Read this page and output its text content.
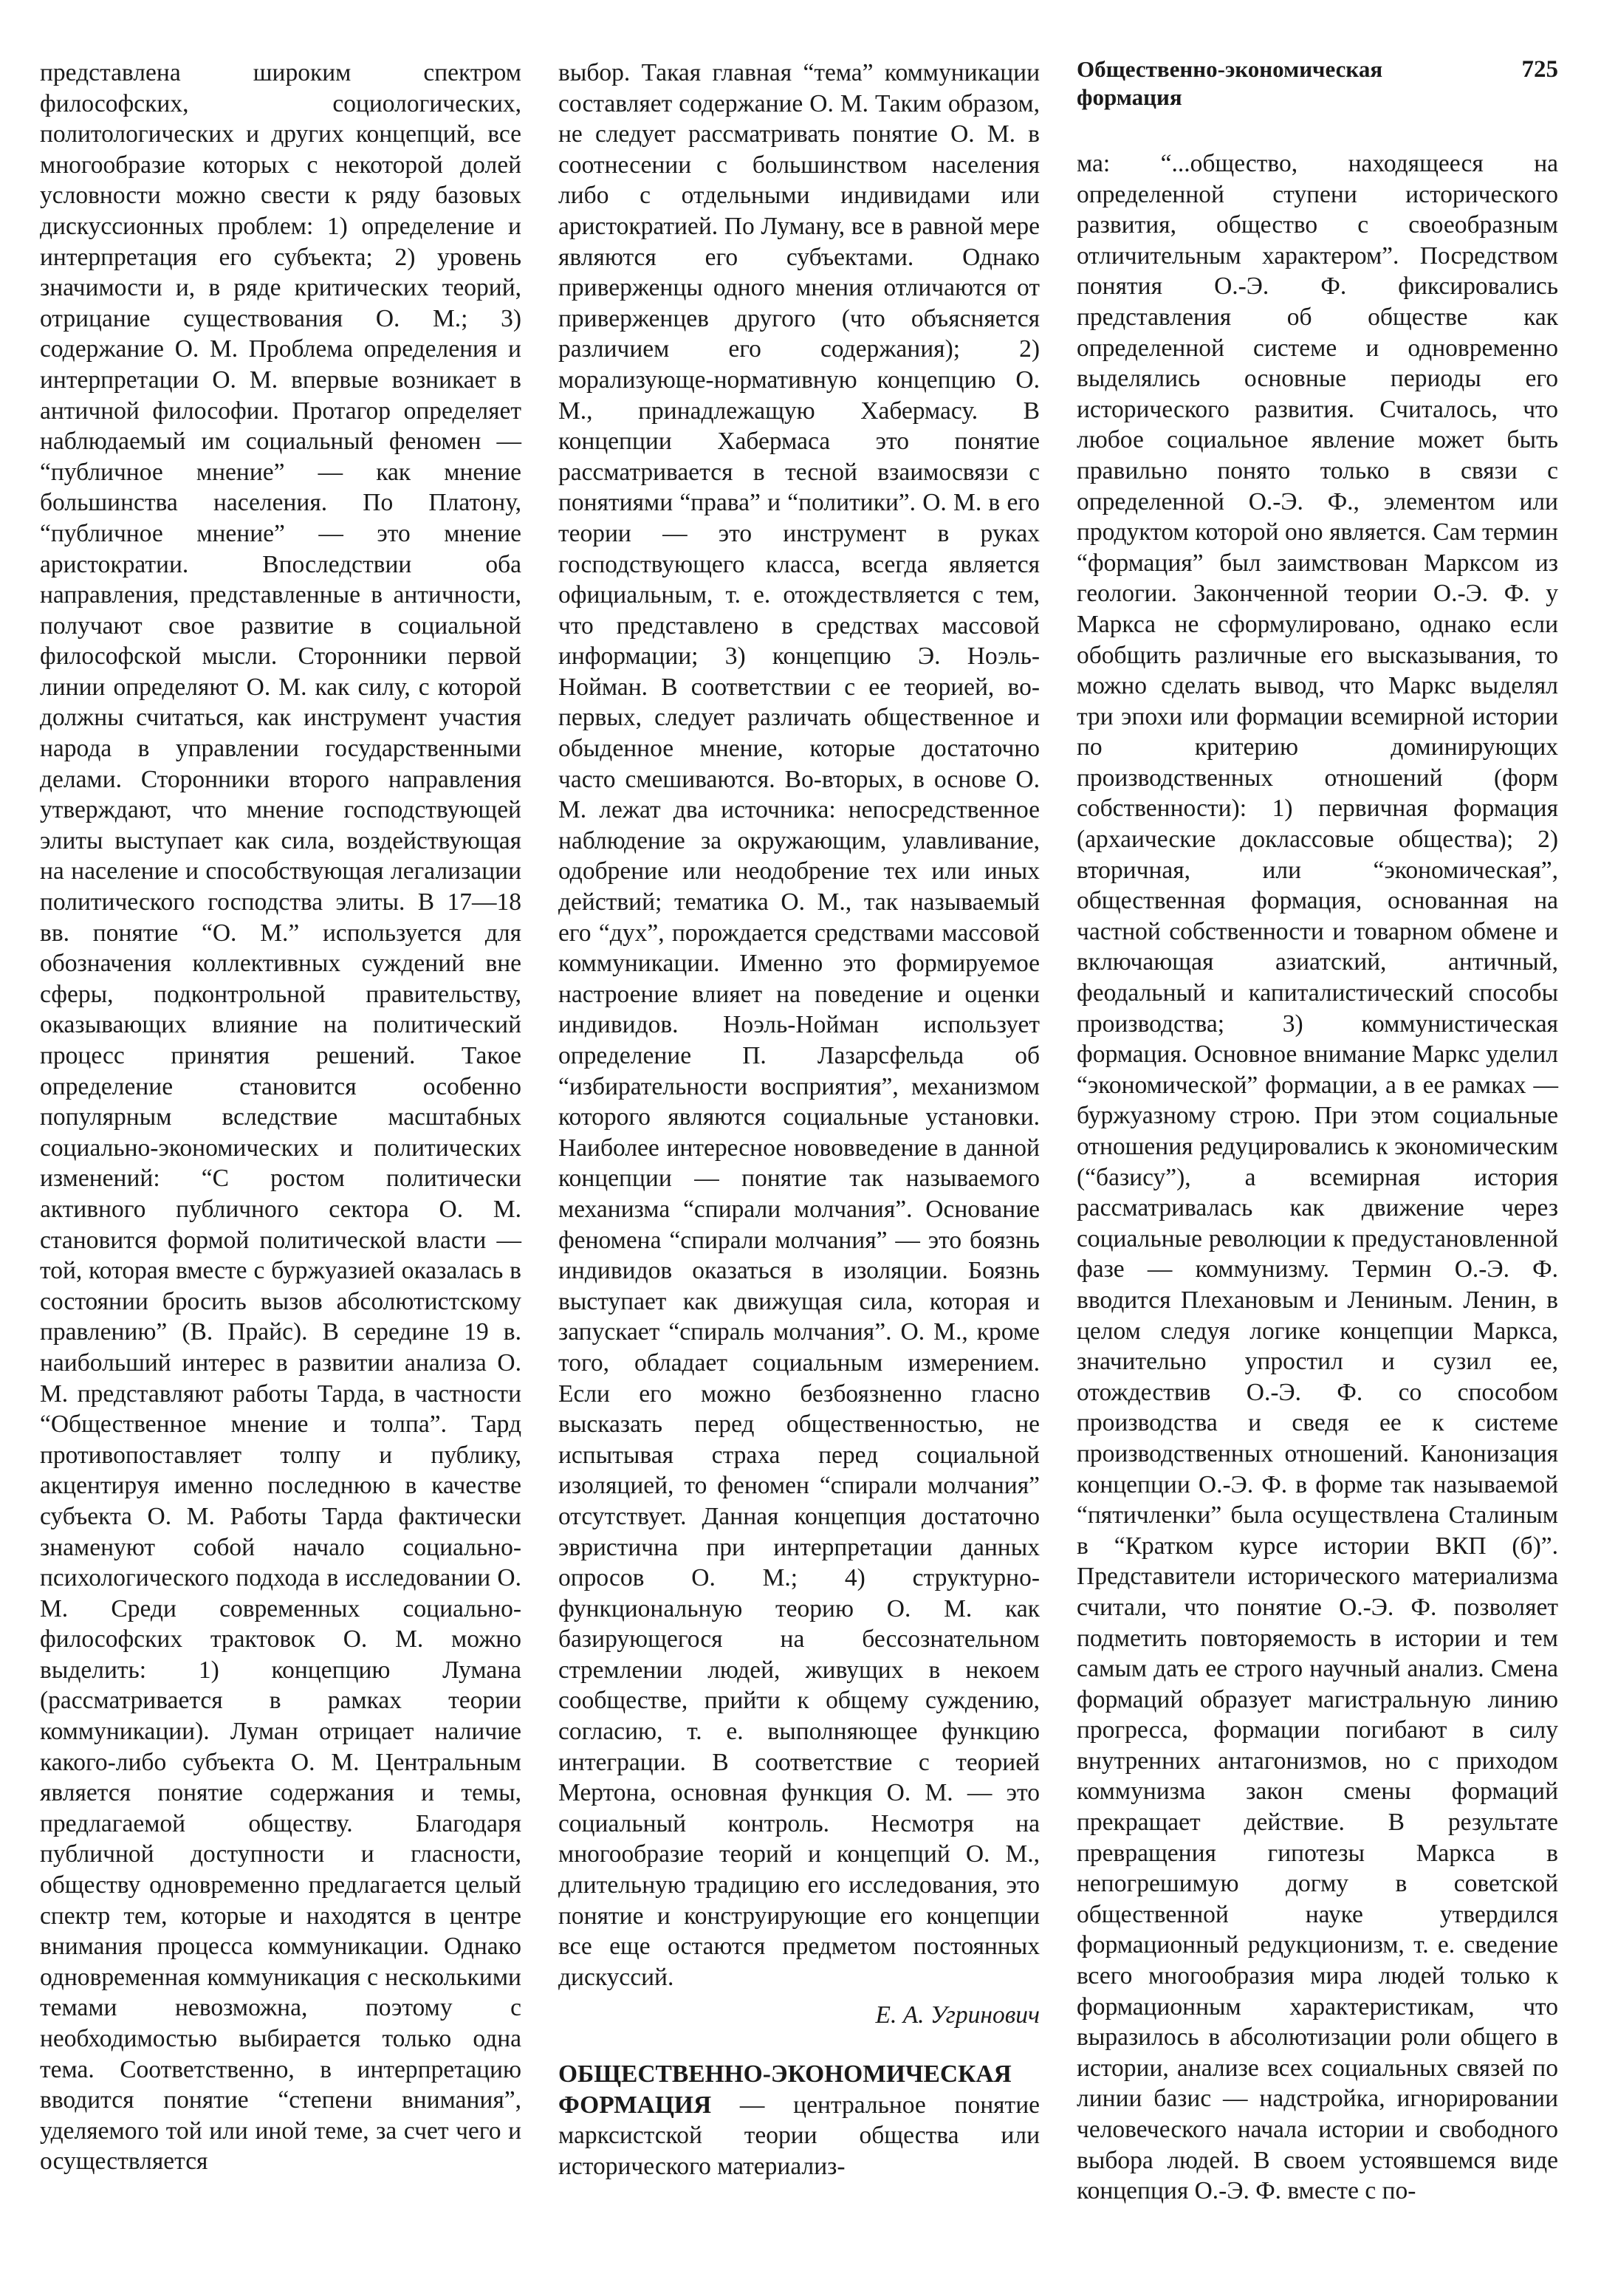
представлена широким спектром философских, социологических, политологических и других концепций, все многообразие которых с некоторой долей условности можно свести к ряду базовых дискуссионных проблем: 1) определение и интерпретация его субъекта; 2) уровень значимости и, в ряде критических теорий, отрицание существования О. М.; 3) содержание О. М. Проблема определения и интерпретации О. М. впервые возникает в античной философии. Протагор определяет наблюдаемый им социальный феномен — “публичное мнение” — как мнение большинства населения. По Платону, “публичное мнение” — это мнение аристократии. Впоследствии оба направления, представленные в античности, получают свое развитие в социальной философской мысли. Сторонники первой линии определяют О. М. как силу, с которой должны считаться, как инструмент участия народа в управлении государственными делами. Сторонники второго направления утверждают, что мнение господствующей элиты выступает как сила, воздействующая на население и способствующая легализации политического господства элиты. В 17—18 вв. понятие “О. М.” используется для обозначения коллективных суждений вне сферы, подконтрольной правительству, оказывающих влияние на политический процесс принятия решений. Такое определение становится особенно популярным вследствие масштабных социально-экономических и политических изменений: “С ростом политически активного публичного сектора О. М. становится формой политической власти — той, которая вместе с буржуазией оказалась в состоянии бросить вызов абсолютистскому правлению” (В. Прайс). В середине 19 в. наибольший интерес в развитии анализа О. М. представляют работы Тарда, в частности “Общественное мнение и толпа”. Тард противопоставляет толпу и публику, акцентируя именно последнюю в качестве субъекта О. М. Работы Тарда фактически знаменуют собой начало социально-психологического подхода в исследовании О. М. Среди современных социально-философских трактовок О. М. можно выделить: 1) концепцию Лумана (рассматривается в рамках теории коммуникации). Луман отрицает наличие какого-либо субъекта О. М. Центральным является понятие содержания и темы, предлагаемой обществу. Благодаря публичной доступности и гласности, обществу одновременно предлагается целый спектр тем, которые и находятся в центре внимания процесса коммуникации. Однако одновременная коммуникация с несколькими темами невозможна, поэтому с необходимостью выбирается только одна тема. Соответственно, в интерпретацию вводится понятие “степени внимания”, уделяемого той или иной теме, за счет чего и осуществляется

выбор. Такая главная “тема” коммуникации составляет содержание О. М. Таким образом, не следует рассматривать понятие О. М. в соотнесении с большинством населения либо с отдельными индивидами или аристократией. По Луману, все в равной мере являются его субъектами. Однако приверженцы одного мнения отличаются от приверженцев другого (что объясняется различием его содержания); 2) морализующе-нормативную концепцию О. М., принадлежащую Хабермасу. В концепции Хабермаса это понятие рассматривается в тесной взаимосвязи с понятиями “права” и “политики”. О. М. в его теории — это инструмент в руках господствующего класса, всегда является официальным, т. е. отождествляется с тем, что представлено в средствах массовой информации; 3) концепцию Э. Ноэль-Нойман. В соответствии с ее теорией, во-первых, следует различать общественное и обыденное мнение, которые достаточно часто смешиваются. Во-вторых, в основе О. М. лежат два источника: непосредственное наблюдение за окружающим, улавливание, одобрение или неодобрение тех или иных действий; тематика О. М., так называемый его “дух”, порождается средствами массовой коммуникации. Именно это формируемое настроение влияет на поведение и оценки индивидов. Ноэль-Нойман использует определение П. Лазарсфельда об “избирательности восприятия”, механизмом которого являются социальные установки. Наиболее интересное нововведение в данной концепции — понятие так называемого механизма “спирали молчания”. Основание феномена “спирали молчания” — это боязнь индивидов оказаться в изоляции. Боязнь выступает как движущая сила, которая и запускает “спираль молчания”. О. М., кроме того, обладает социальным измерением. Если его можно безбоязненно гласно высказать перед общественностью, не испытывая страха перед социальной изоляцией, то феномен “спирали молчания” отсутствует. Данная концепция достаточно эвристична при интерпретации данных опросов О. М.; 4) структурно-функциональную теорию О. М. как базирующегося на бессознательном стремлении людей, живущих в некоем сообществе, прийти к общему суждению, согласию, т. е. выполняющее функцию интеграции. В соответствие с теорией Мертона, основная функция О. М. — это социальный контроль. Несмотря на многообразие теорий и концепций О. М., длительную традицию его исследования, это понятие и конструирующие его концепции все еще остаются предметом постоянных дискуссий.

Е. А. Угринович

ОБЩЕСТВЕННО-ЭКОНОМИЧЕСКАЯ ФОРМАЦИЯ — центральное понятие марксистской теории общества или исторического материализ-

Общественно-экономическая формация
725

ма: “...общество, находящееся на определенной ступени исторического развития, общество с своеобразным отличительным характером”. Посредством понятия О.-Э. Ф. фиксировались представления об обществе как определенной системе и одновременно выделялись основные периоды его исторического развития. Считалось, что любое социальное явление может быть правильно понято только в связи с определенной О.-Э. Ф., элементом или продуктом которой оно является. Сам термин “формация” был заимствован Марксом из геологии. Законченной теории О.-Э. Ф. у Маркса не сформулировано, однако если обобщить различные его высказывания, то можно сделать вывод, что Маркс выделял три эпохи или формации всемирной истории по критерию доминирующих производственных отношений (форм собственности): 1) первичная формация (архаические доклассовые общества); 2) вторичная, или “экономическая”, общественная формация, основанная на частной собственности и товарном обмене и включающая азиатский, античный, феодальный и капиталистический способы производства; 3) коммунистическая формация. Основное внимание Маркс уделил “экономической” формации, а в ее рамках — буржуазному строю. При этом социальные отношения редуцировались к экономическим (“базису”), а всемирная история рассматривалась как движение через социальные революции к предустановленной фазе — коммунизму. Термин О.-Э. Ф. вводится Плехановым и Лениным. Ленин, в целом следуя логике концепции Маркса, значительно упростил и сузил ее, отождествив О.-Э. Ф. со способом производства и сведя ее к системе производственных отношений. Канонизация концепции О.-Э. Ф. в форме так называемой “пятичленки” была осуществлена Сталиным в “Кратком курсе истории ВКП (б)”. Представители исторического материализма считали, что понятие О.-Э. Ф. позволяет подметить повторяемость в истории и тем самым дать ее строго научный анализ. Смена формаций образует магистральную линию прогресса, формации погибают в силу внутренних антагонизмов, но с приходом коммунизма закон смены формаций прекращает действие. В результате превращения гипотезы Маркса в непогрешимую догму в советской общественной науке утвердился формационный редукционизм, т. е. сведение всего многообразия мира людей только к формационным характеристикам, что выразилось в абсолютизации роли общего в истории, анализе всех социальных связей по линии базис — надстройка, игнорировании человеческого начала истории и свободного выбора людей. В своем устоявшемся виде концепция О.-Э. Ф. вместе с по-
